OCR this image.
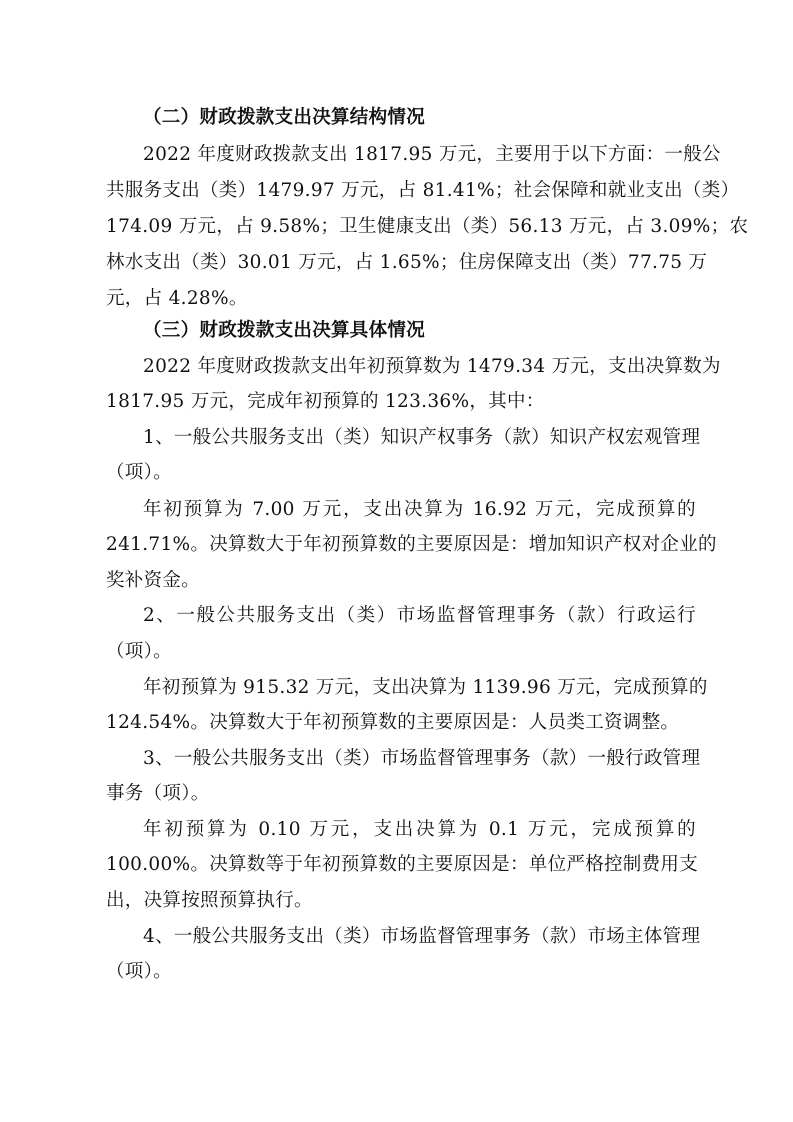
（二）财政拨款支出决算结构情况
2022 年度财政拨款支出 1817.95 万元，主要用于以下方面：一般公
共服务支出（类）1479.97 万元，占 81.41%；社会保障和就业支出（类）
174.09 万元，占 9.58%；卫生健康支出（类）56.13 万元，占 3.09%；农
林水支出（类）30.01 万元，占 1.65%；住房保障支出（类）77.75 万
元，占 4.28%。
（三）财政拨款支出决算具体情况
2022 年度财政拨款支出年初预算数为 1479.34 万元，支出决算数为
1817.95 万元，完成年初预算的 123.36%，其中：
1、一般公共服务支出（类）知识产权事务（款）知识产权宏观管理
（项）。
年初预算为 7.00 万元，支出决算为 16.92 万元，完成预算的
241.71%。决算数大于年初预算数的主要原因是：增加知识产权对企业的
奖补资金。
2、一般公共服务支出（类）市场监督管理事务（款）行政运行
（项）。
年初预算为 915.32 万元，支出决算为 1139.96 万元，完成预算的
124.54%。决算数大于年初预算数的主要原因是：人员类工资调整。
3、一般公共服务支出（类）市场监督管理事务（款）一般行政管理
事务（项）。
年初预算为 0.10 万元，支出决算为 0.1 万元，完成预算的
100.00%。决算数等于年初预算数的主要原因是：单位严格控制费用支
出，决算按照预算执行。
4、一般公共服务支出（类）市场监督管理事务（款）市场主体管理
（项）。
